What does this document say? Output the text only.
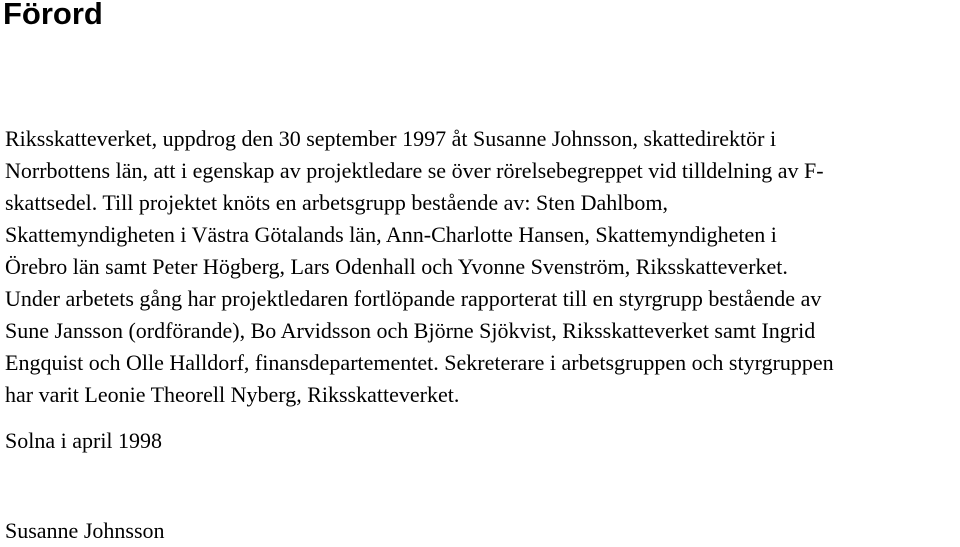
Förord
Riksskatteverket, uppdrog den 30 september 1997 åt Susanne Johnsson, skattedirektör i
Norrbottens län, att i egenskap av projektledare se över rörelsebegreppet vid tilldelning av F-
skattsedel. Till projektet knöts en arbetsgrupp bestående av: Sten Dahlbom,
Skattemyndigheten i Västra Götalands län, Ann-Charlotte Hansen, Skattemyndigheten i
Örebro län samt Peter Högberg, Lars Odenhall och Yvonne Svenström, Riksskatteverket.
Under arbetets gång har projektledaren fortlöpande rapporterat till en styrgrupp bestående av
Sune Jansson (ordförande), Bo Arvidsson och Björne Sjökvist, Riksskatteverket samt Ingrid
Engquist och Olle Halldorf, finansdepartementet. Sekreterare i arbetsgruppen och styrgruppen
har varit Leonie Theorell Nyberg, Riksskatteverket.
Solna i april 1998
Susanne Johnsson
